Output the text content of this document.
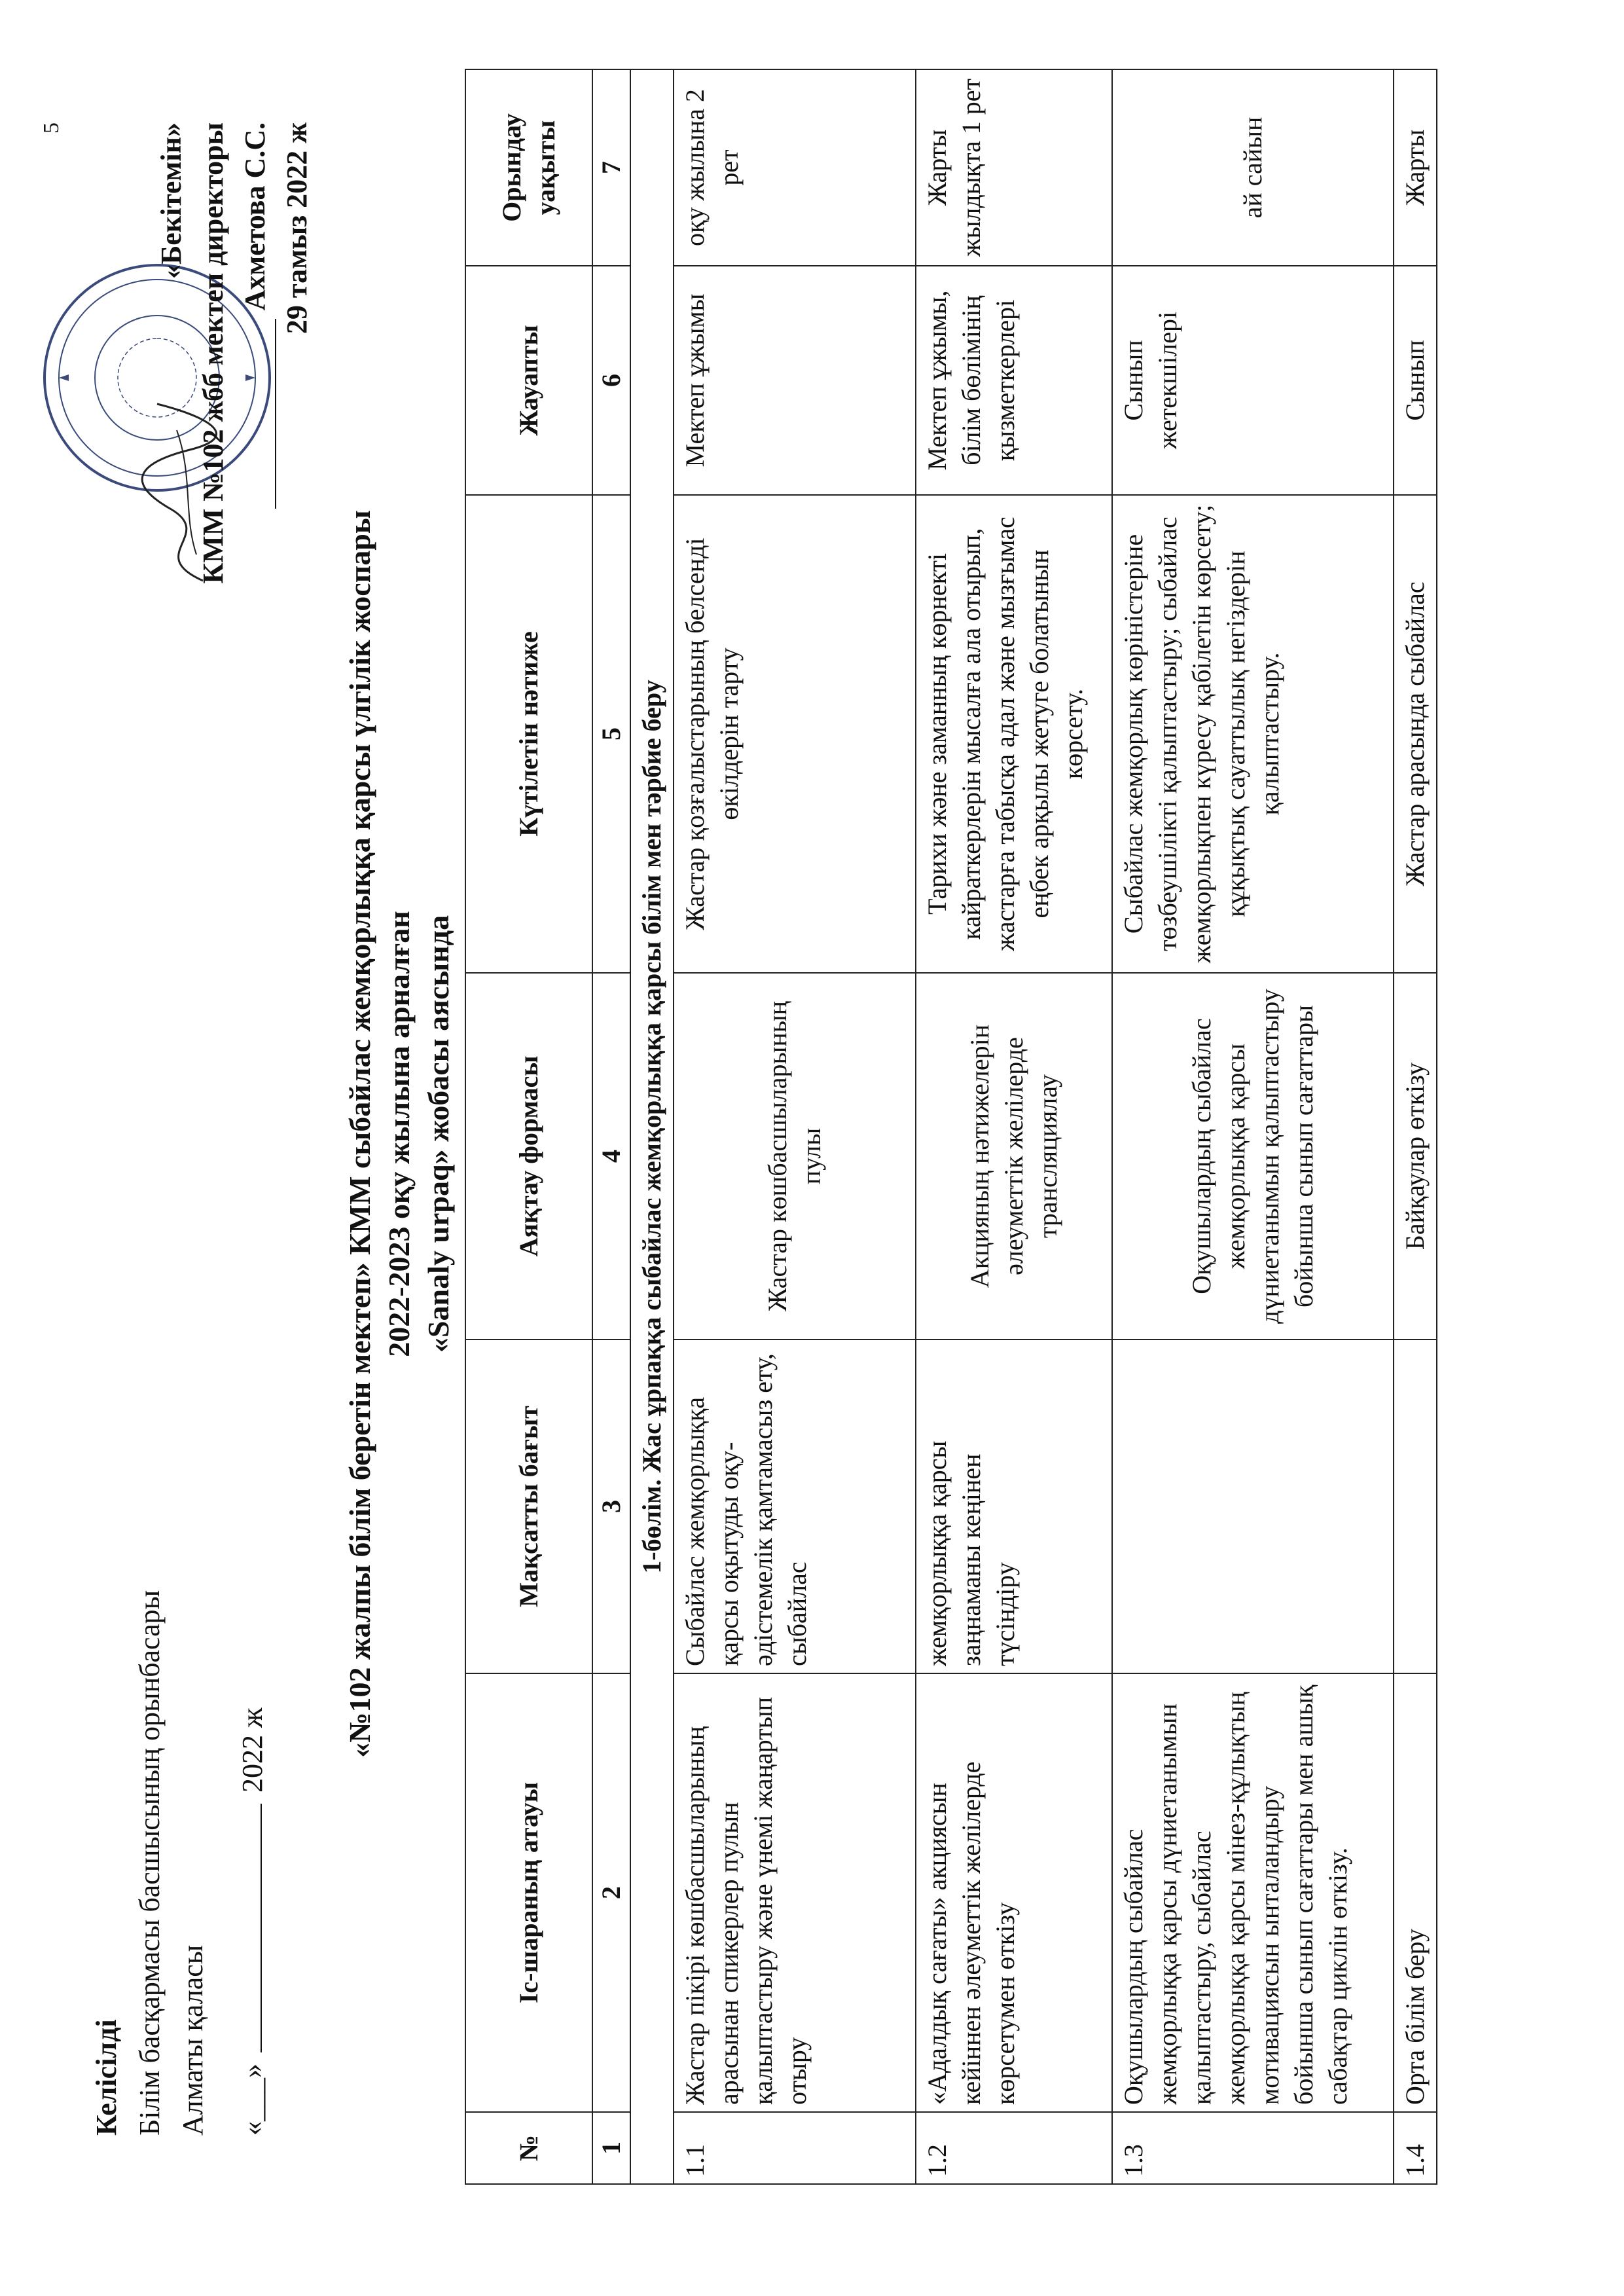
5
Келісілді Білім басқармасы басшысының орынбасары Алматы қаласы «___»  2022 ж
«Бекітемін» КММ №102 жбб мектеп директоры Ахметова С.С. 29 тамыз 2022 ж
«№102 жалпы білім беретін мектеп» КММ сыбайлас жемқорлыққа қарсы үлгілік жоспары 2022-2023 оқу жылына арналған «Sanaly urpaq» жобасы аясында
№	Іс-шараның атауы	Мақсатты бағыт	Аяқтау формасы	Күтілетін нәтиже	Жауапты	Орындау уақыты
1	2	3	4	5	6	7
1-бөлім. Жас ұрпаққа сыбайлас жемқорлыққа қарсы білім мен тәрбие беру						
1.1	Жастар пікірі көшбасшыларының арасынан спикерлер пулын қалыптастыру және үнемі жаңартып отыру	Сыбайлас жемқорлыққа қарсы оқытуды оқу-әдістемелік қамтамасыз ету, сыбайлас	Жастар көшбасшыларының пулы	Жастар қозғалыстарының белсенді өкілдерін тарту	Мектеп ұжымы	оқу жылына 2 рет
1.2	«Адалдық сағаты» акциясын кейіннен әлеуметтік желілерде көрсетумен өткізу	жемқорлыққа қарсы заңнаманы кеңінен түсіндіру	Акцияның нәтижелерін әлеуметтік желілерде трансляциялау	Тарихи және заманның көрнекті кайраткерлерін мысалға ала отырып, жастарға табысқа адал және мызғымас еңбек арқылы жетуге болатынын көрсету.	Мектеп ұжымы, білім бөлімінің қызметкерлері	Жарты жылдықта 1 рет
1.3	Оқушылардың сыбайлас жемқорлыққа қарсы дүниетанымын қалыптастыру, сыбайлас жемқорлыққа қарсы мінез-құлықтың мотивациясын ынталандыру бойынша сынып сағаттары мен ашық сабақтар циклін өткізу.		Оқушылардың сыбайлас жемқорлыққа қарсы дүниетанымын қалыптастыру бойынша сынып сағаттары	Сыбайлас жемқорлық көріністеріне төзбеушілікті қалыптастыру; сыбайлас жемқорлықпен күресу қабілетін көрсету; құқықтық сауаттылық негіздерін қалыптастыру.	Сынып жетекшілері	ай сайын
1.4	Орта білім беру		Байқаулар өткізу	Жастар арасында сыбайлас	Сынып	Жарты
